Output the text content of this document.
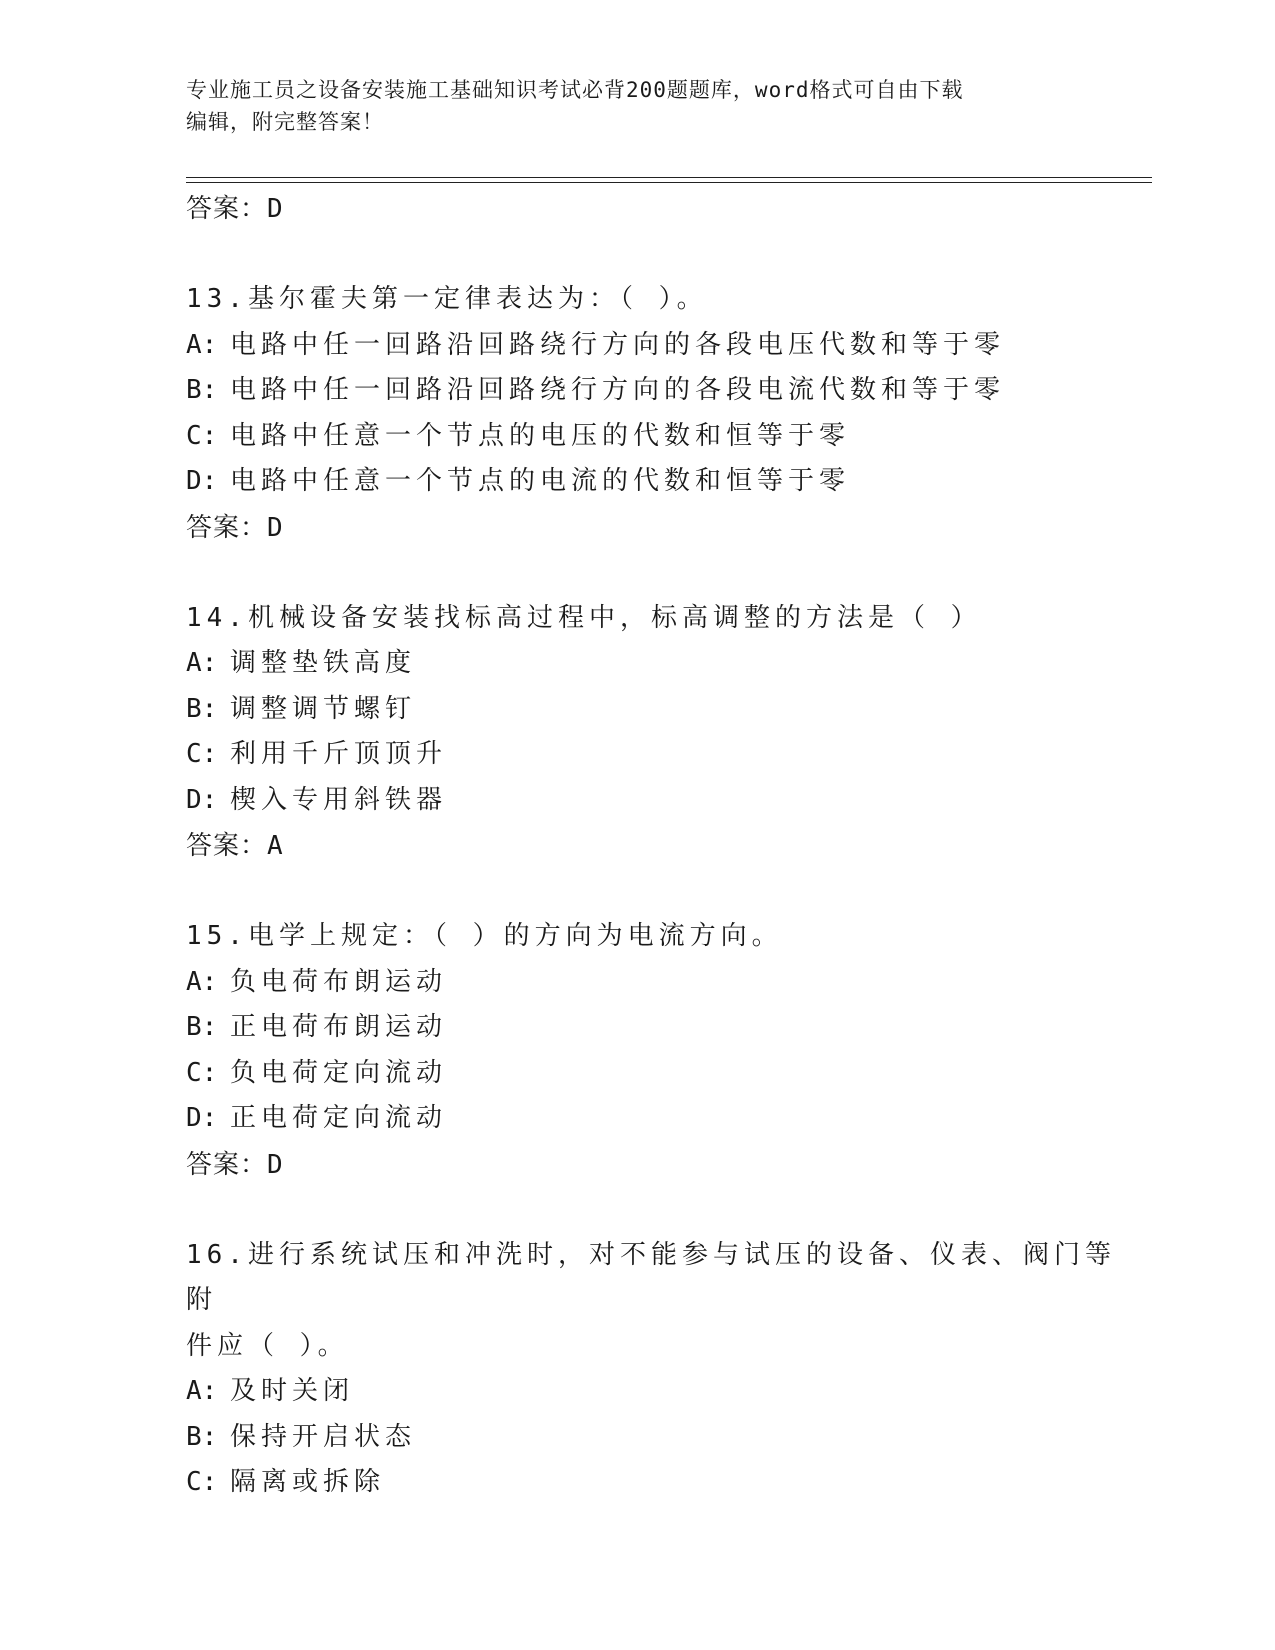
专业施工员之设备安装施工基础知识考试必背200题题库，word格式可自由下载
编辑，附完整答案！
答案：D
13.基尔霍夫第一定律表达为：（ ）。
A: 电路中任一回路沿回路绕行方向的各段电压代数和等于零
B: 电路中任一回路沿回路绕行方向的各段电流代数和等于零
C: 电路中任意一个节点的电压的代数和恒等于零
D: 电路中任意一个节点的电流的代数和恒等于零
答案：D
14.机械设备安装找标高过程中，标高调整的方法是（ ）
A: 调整垫铁高度
B: 调整调节螺钉
C: 利用千斤顶顶升
D: 楔入专用斜铁器
答案：A
15.电学上规定：（ ）的方向为电流方向。
A: 负电荷布朗运动
B: 正电荷布朗运动
C: 负电荷定向流动
D: 正电荷定向流动
答案：D
16.进行系统试压和冲洗时，对不能参与试压的设备、仪表、阀门等附
件应（ ）。
A: 及时关闭
B: 保持开启状态
C: 隔离或拆除
